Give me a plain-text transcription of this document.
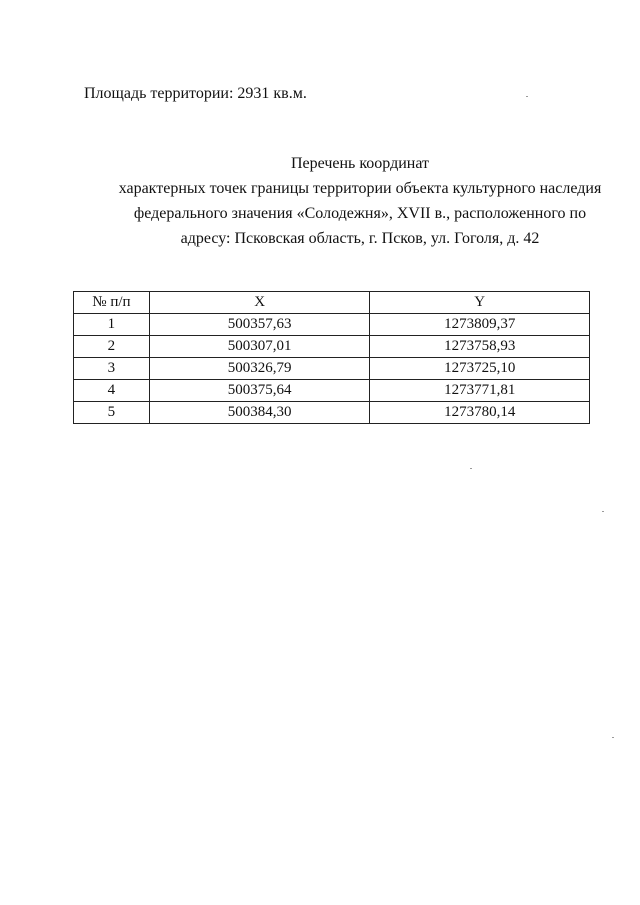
Площадь территории: 2931 кв.м.
Перечень координат
характерных точек границы территории объекта культурного наследия
федерального значения «Солодежня», XVII в., расположенного по
адресу: Псковская область, г. Псков, ул. Гоголя, д. 42
№ п/п	X	Y
1	500357,63	1273809,37
2	500307,01	1273758,93
3	500326,79	1273725,10
4	500375,64	1273771,81
5	500384,30	1273780,14
